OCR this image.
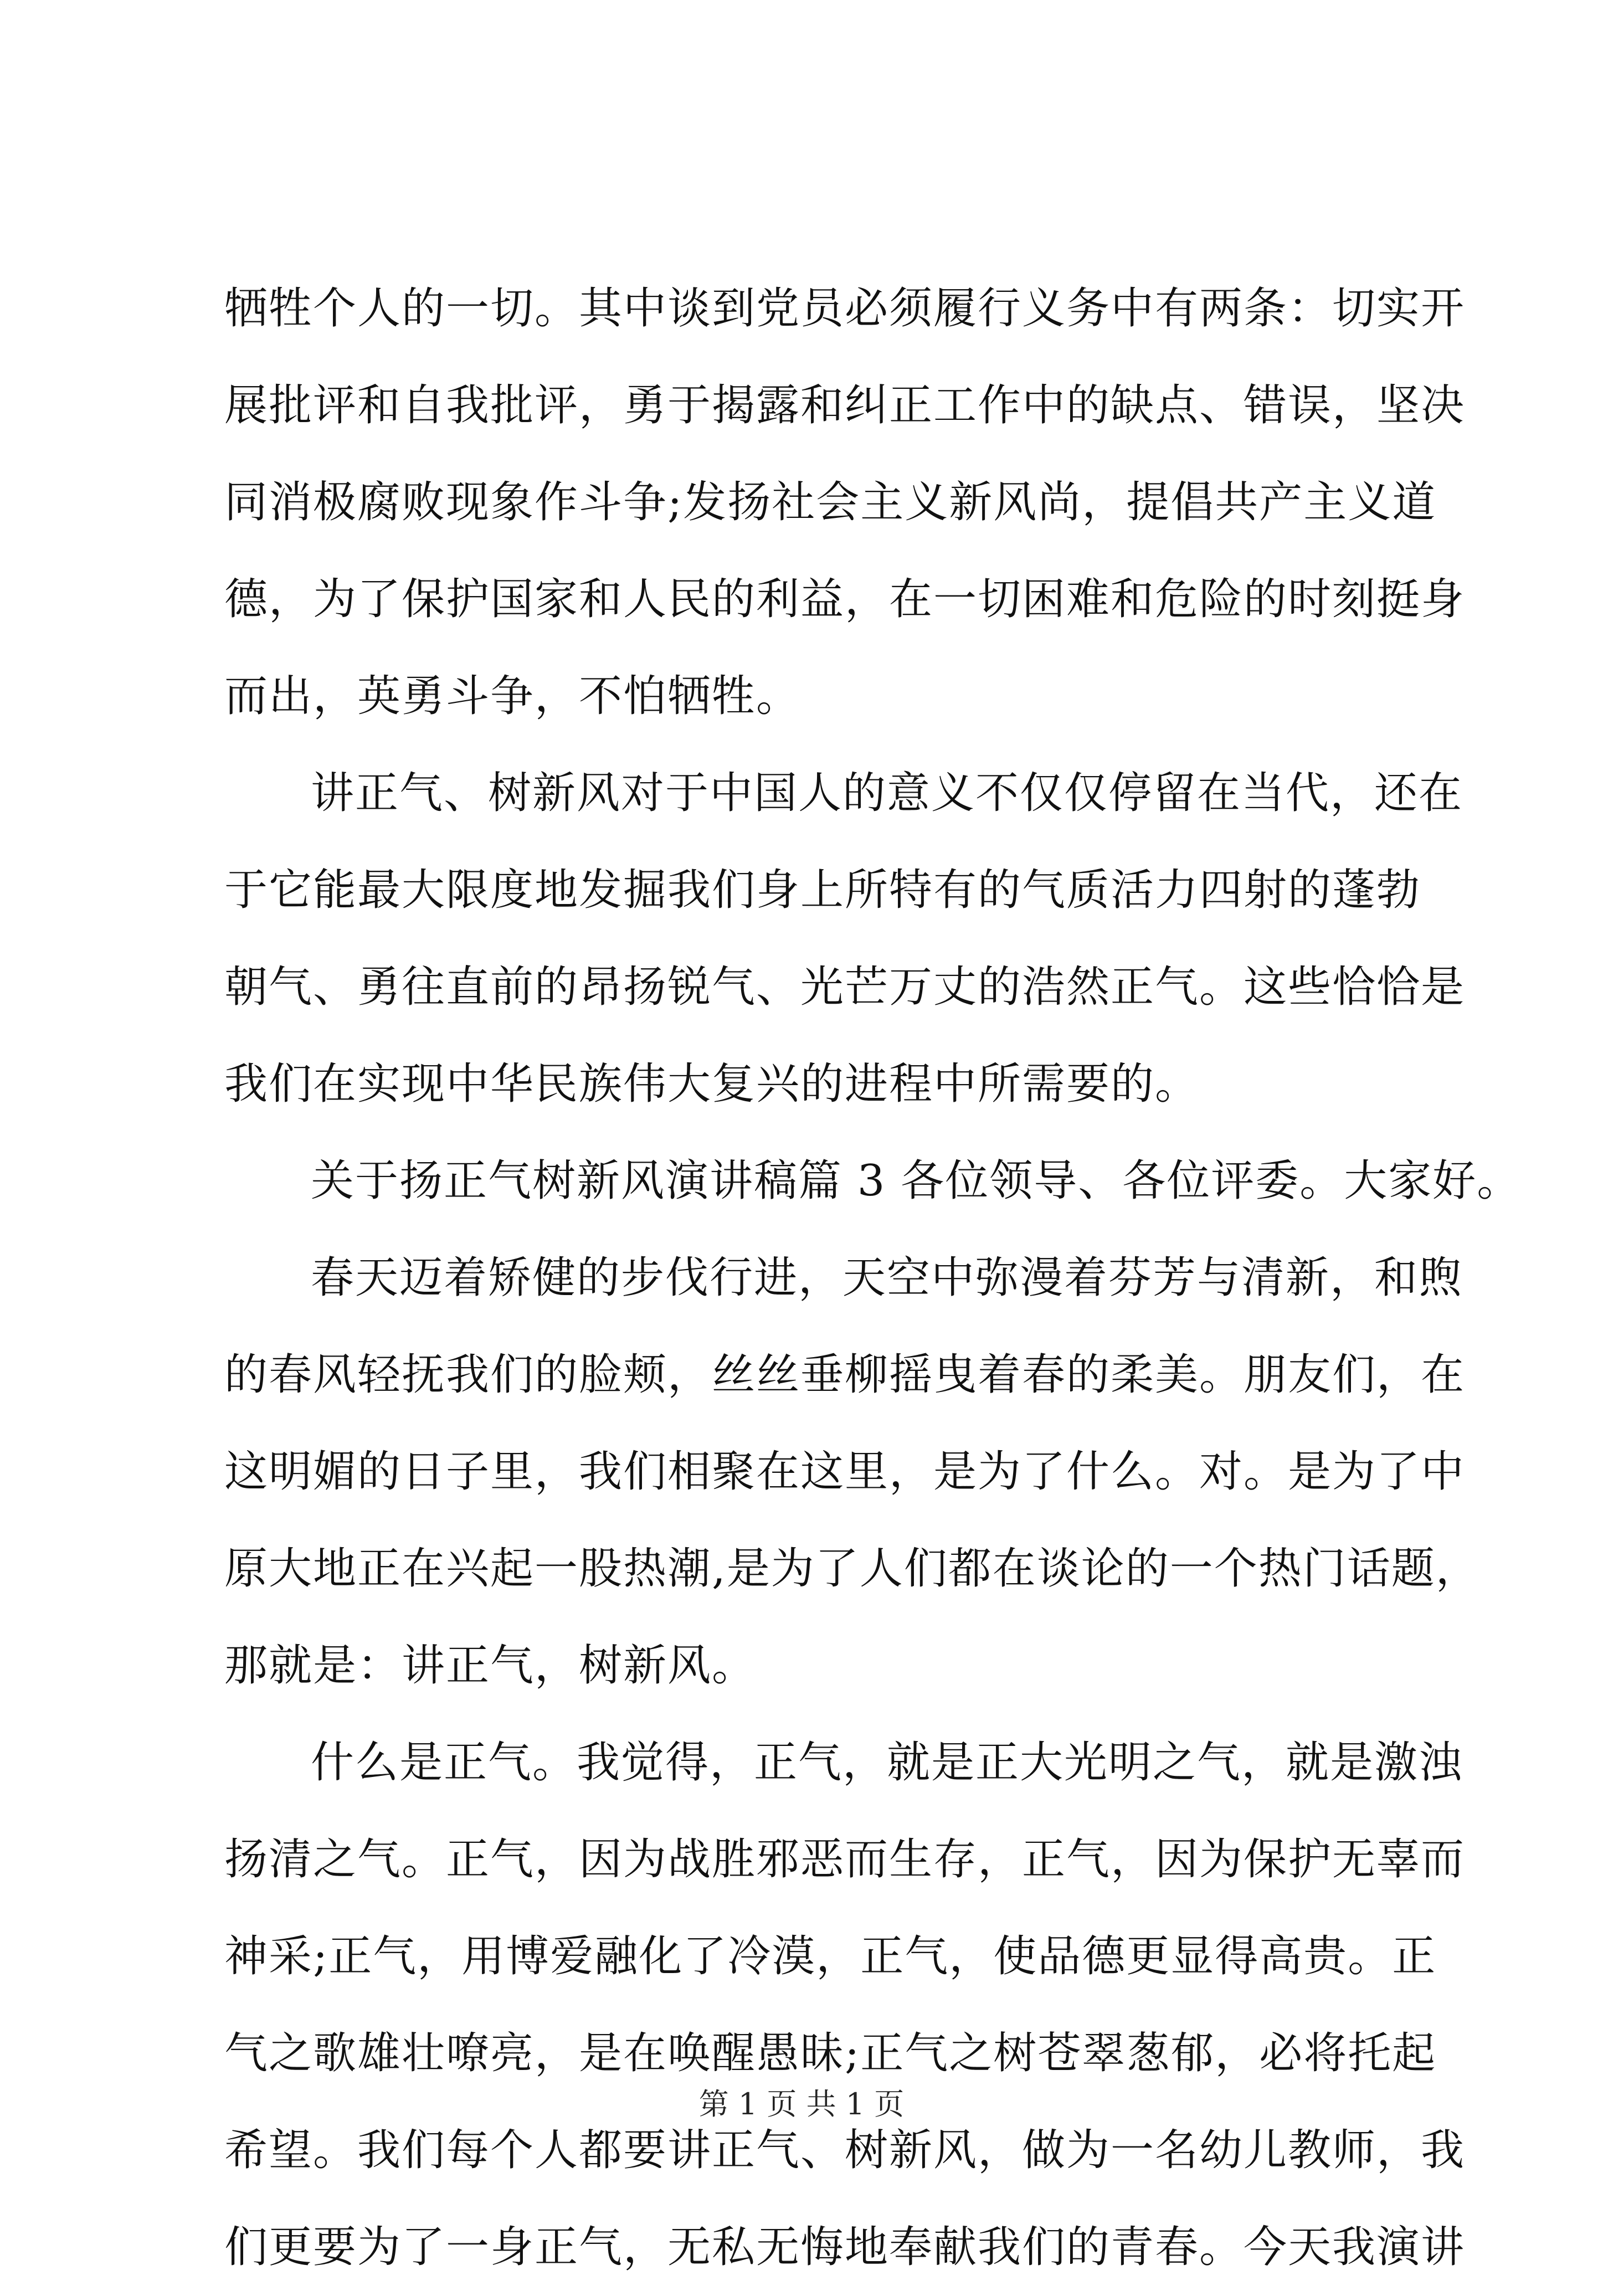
牺牲个人的一切。其中谈到党员必须履行义务中有两条：切实开
展批评和自我批评，勇于揭露和纠正工作中的缺点、错误，坚决
同消极腐败现象作斗争;发扬社会主义新风尚，提倡共产主义道
德，为了保护国家和人民的利益，在一切困难和危险的时刻挺身
而出，英勇斗争，不怕牺牲。
讲正气、树新风对于中国人的意义不仅仅停留在当代，还在
于它能最大限度地发掘我们身上所特有的气质活力四射的蓬勃
朝气、勇往直前的昂扬锐气、光芒万丈的浩然正气。这些恰恰是
我们在实现中华民族伟大复兴的进程中所需要的。
关于扬正气树新风演讲稿篇 3 各位领导、各位评委。大家好。
春天迈着矫健的步伐行进，天空中弥漫着芬芳与清新，和煦
的春风轻抚我们的脸颊，丝丝垂柳摇曳着春的柔美。朋友们，在
这明媚的日子里，我们相聚在这里，是为了什么。对。是为了中
原大地正在兴起一股热潮,是为了人们都在谈论的一个热门话题，
那就是：讲正气，树新风。
什么是正气。我觉得，正气，就是正大光明之气，就是激浊
扬清之气。正气，因为战胜邪恶而生存，正气，因为保护无辜而
神采;正气，用博爱融化了冷漠，正气，使品德更显得高贵。正
气之歌雄壮嘹亮，是在唤醒愚昧;正气之树苍翠葱郁，必将托起
希望。我们每个人都要讲正气、树新风，做为一名幼儿教师，我
们更要为了一身正气，无私无悔地奉献我们的青春。今天我演讲
第 1 页 共 1 页
